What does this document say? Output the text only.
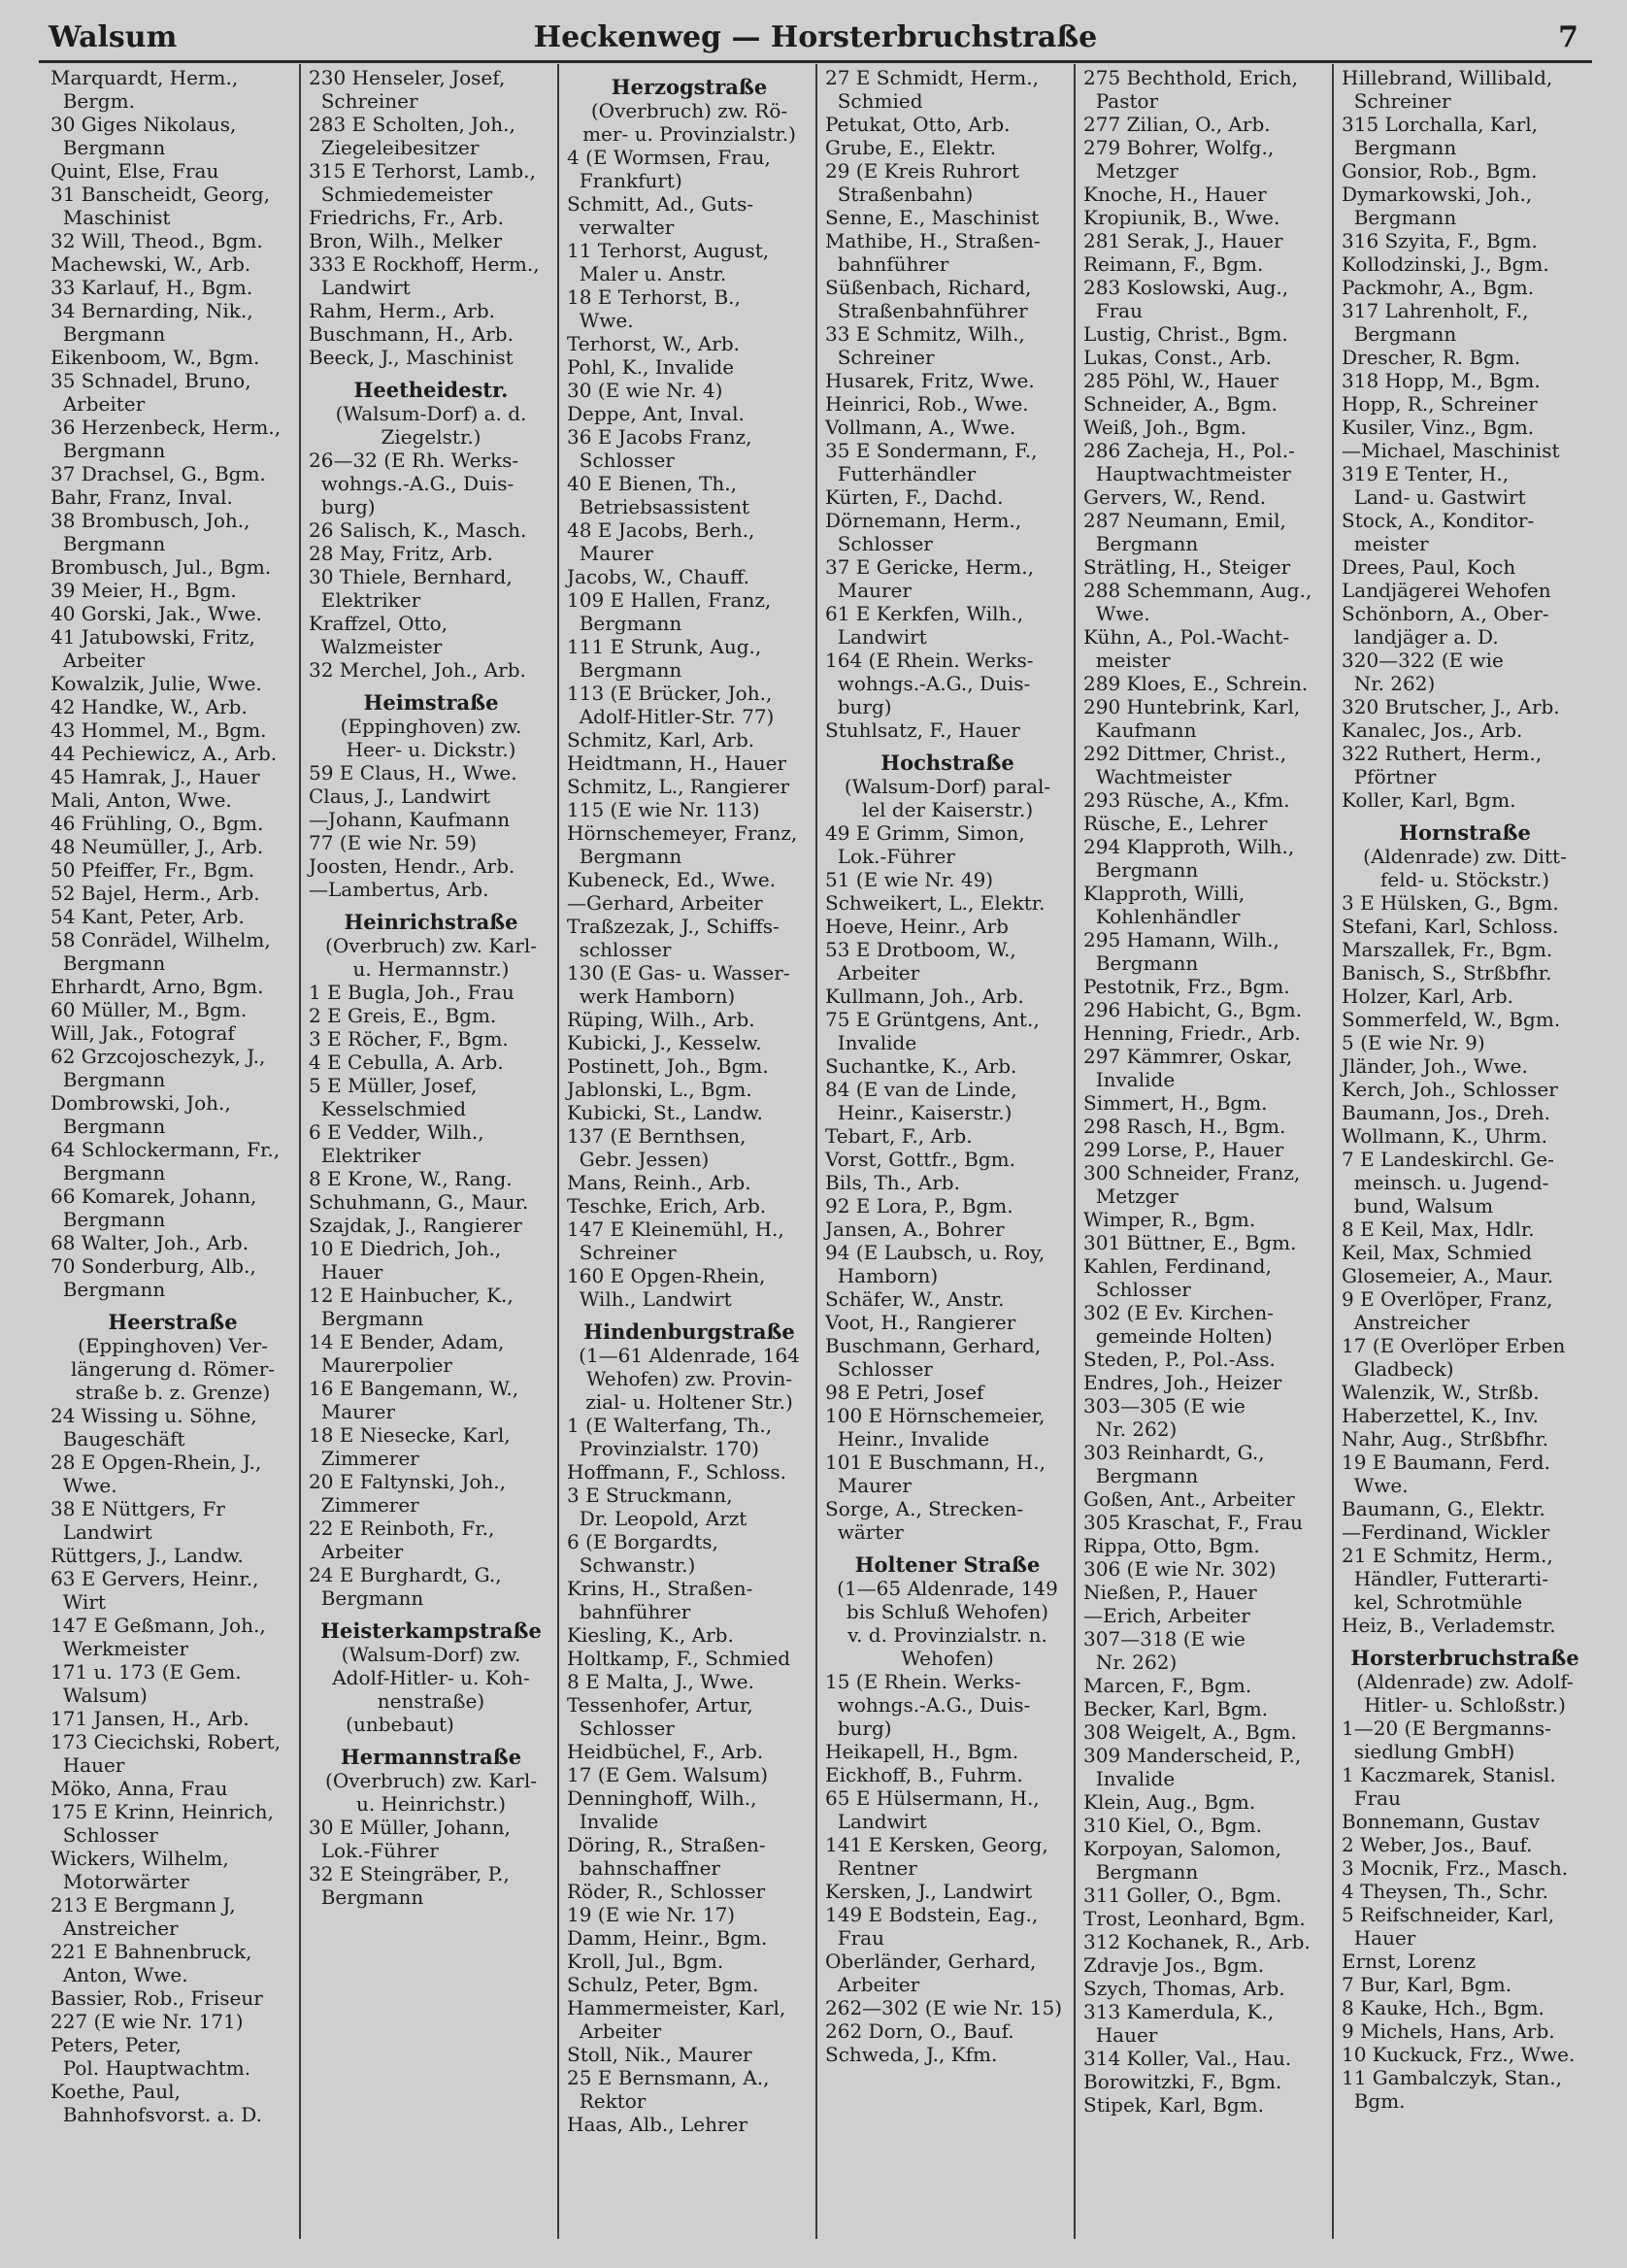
Walsum	Heckenweg — Horsterbruchstraße	7
Marquardt, Herm.,
Bergm.
30 Giges Nikolaus,
Bergmann
Quint, Else, Frau
31 Banscheidt, Georg,
Maschinist
32 Will, Theod., Bgm.
Machewski, W., Arb.
33 Karlauf, H., Bgm.
34 Bernarding, Nik.,
Bergmann
Eikenboom, W., Bgm.
35 Schnadel, Bruno,
Arbeiter
36 Herzenbeck, Herm.,
Bergmann
37 Drachsel, G., Bgm.
Bahr, Franz, Inval.
38 Brombusch, Joh.,
Bergmann
Brombusch, Jul., Bgm.
39 Meier, H., Bgm.
40 Gorski, Jak., Wwe.
41 Jatubowski, Fritz,
Arbeiter
Kowalzik, Julie, Wwe.
42 Handke, W., Arb.
43 Hommel, M., Bgm.
44 Pechiewicz, A., Arb.
45 Hamrak, J., Hauer
Mali, Anton, Wwe.
46 Frühling, O., Bgm.
48 Neumüller, J., Arb.
50 Pfeiffer, Fr., Bgm.
52 Bajel, Herm., Arb.
54 Kant, Peter, Arb.
58 Conrädel, Wilhelm,
Bergmann
Ehrhardt, Arno, Bgm.
60 Müller, M., Bgm.
Will, Jak., Fotograf
62 Grzcojoschezyk, J.,
Bergmann
Dombrowski, Joh.,
Bergmann
64 Schlockermann, Fr.,
Bergmann
66 Komarek, Johann,
Bergmann
68 Walter, Joh., Arb.
70 Sonderburg, Alb.,
Bergmann
Heerstraße
(Eppinghoven) Ver-
längerung d. Römer-
straße b. z. Grenze)
24 Wissing u. Söhne,
Baugeschäft
28 E Opgen-Rhein, J.,
Wwe.
38 E Nüttgers, Fr
Landwirt
Rüttgers, J., Landw.
63 E Gervers, Heinr.,
Wirt
147 E Geßmann, Joh.,
Werkmeister
171 u. 173 (E Gem.
Walsum)
171 Jansen, H., Arb.
173 Ciecichski, Robert,
Hauer
Möko, Anna, Frau
175 E Krinn, Heinrich,
Schlosser
Wickers, Wilhelm,
Motorwärter
213 E Bergmann J,
Anstreicher
221 E Bahnenbruck,
Anton, Wwe.
Bassier, Rob., Friseur
227 (E wie Nr. 171)
Peters, Peter,
Pol. Hauptwachtm.
Koethe, Paul,
Bahnhofsvorst. a. D.
230 Henseler, Josef,
Schreiner
283 E Scholten, Joh.,
Ziegeleibesitzer
315 E Terhorst, Lamb.,
Schmiedemeister
Friedrichs, Fr., Arb.
Bron, Wilh., Melker
333 E Rockhoff, Herm.,
Landwirt
Rahm, Herm., Arb.
Buschmann, H., Arb.
Beeck, J., Maschinist
Heetheidestr.
(Walsum-Dorf) a. d.
Ziegelstr.)
26—32 (E Rh. Werks-
wohngs.-A.G., Duis-
burg)
26 Salisch, K., Masch.
28 May, Fritz, Arb.
30 Thiele, Bernhard,
Elektriker
Kraffzel, Otto,
Walzmeister
32 Merchel, Joh., Arb.
Heimstraße
(Eppinghoven) zw.
Heer- u. Dickstr.)
59 E Claus, H., Wwe.
Claus, J., Landwirt
—Johann, Kaufmann
77 (E wie Nr. 59)
Joosten, Hendr., Arb.
—Lambertus, Arb.
Heinrichstraße
(Overbruch) zw. Karl-
u. Hermannstr.)
1 E Bugla, Joh., Frau
2 E Greis, E., Bgm.
3 E Röcher, F., Bgm.
4 E Cebulla, A. Arb.
5 E Müller, Josef,
Kesselschmied
6 E Vedder, Wilh.,
Elektriker
8 E Krone, W., Rang.
Schuhmann, G., Maur.
Szajdak, J., Rangierer
10 E Diedrich, Joh.,
Hauer
12 E Hainbucher, K.,
Bergmann
14 E Bender, Adam,
Maurerpolier
16 E Bangemann, W.,
Maurer
18 E Niesecke, Karl,
Zimmerer
20 E Faltynski, Joh.,
Zimmerer
22 E Reinboth, Fr.,
Arbeiter
24 E Burghardt, G.,
Bergmann
Heisterkampstraße
(Walsum-Dorf) zw.
Adolf-Hitler- u. Koh-
nenstraße)
(unbebaut)
Hermannstraße
(Overbruch) zw. Karl-
u. Heinrichstr.)
30 E Müller, Johann,
Lok.-Führer
32 E Steingräber, P.,
Bergmann
Herzogstraße
(Overbruch) zw. Rö-
mer- u. Provinzialstr.)
4 (E Wormsen, Frau,
Frankfurt)
Schmitt, Ad., Guts-
verwalter
11 Terhorst, August,
Maler u. Anstr.
18 E Terhorst, B.,
Wwe.
Terhorst, W., Arb.
Pohl, K., Invalide
30 (E wie Nr. 4)
Deppe, Ant, Inval.
36 E Jacobs Franz,
Schlosser
40 E Bienen, Th.,
Betriebsassistent
48 E Jacobs, Berh.,
Maurer
Jacobs, W., Chauff.
109 E Hallen, Franz,
Bergmann
111 E Strunk, Aug.,
Bergmann
113 (E Brücker, Joh.,
Adolf-Hitler-Str. 77)
Schmitz, Karl, Arb.
Heidtmann, H., Hauer
Schmitz, L., Rangierer
115 (E wie Nr. 113)
Hörnschemeyer, Franz,
Bergmann
Kubeneck, Ed., Wwe.
—Gerhard, Arbeiter
Traßzezak, J., Schiffs-
schlosser
130 (E Gas- u. Wasser-
werk Hamborn)
Rüping, Wilh., Arb.
Kubicki, J., Kesselw.
Postinett, Joh., Bgm.
Jablonski, L., Bgm.
Kubicki, St., Landw.
137 (E Bernthsen,
Gebr. Jessen)
Mans, Reinh., Arb.
Teschke, Erich, Arb.
147 E Kleinemühl, H.,
Schreiner
160 E Opgen-Rhein,
Wilh., Landwirt
Hindenburgstraße
(1—61 Aldenrade, 164
Wehofen) zw. Provin-
zial- u. Holtener Str.)
1 (E Walterfang, Th.,
Provinzialstr. 170)
Hoffmann, F., Schloss.
3 E Struckmann,
Dr. Leopold, Arzt
6 (E Borgardts,
Schwanstr.)
Krins, H., Straßen-
bahnführer
Kiesling, K., Arb.
Holtkamp, F., Schmied
8 E Malta, J., Wwe.
Tessenhofer, Artur,
Schlosser
Heidbüchel, F., Arb.
17 (E Gem. Walsum)
Denninghoff, Wilh.,
Invalide
Döring, R., Straßen-
bahnschaffner
Röder, R., Schlosser
19 (E wie Nr. 17)
Damm, Heinr., Bgm.
Kroll, Jul., Bgm.
Schulz, Peter, Bgm.
Hammermeister, Karl,
Arbeiter
Stoll, Nik., Maurer
25 E Bernsmann, A.,
Rektor
Haas, Alb., Lehrer
27 E Schmidt, Herm.,
Schmied
Petukat, Otto, Arb.
Grube, E., Elektr.
29 (E Kreis Ruhrort
Straßenbahn)
Senne, E., Maschinist
Mathibe, H., Straßen-
bahnführer
Süßenbach, Richard,
Straßenbahnführer
33 E Schmitz, Wilh.,
Schreiner
Husarek, Fritz, Wwe.
Heinrici, Rob., Wwe.
Vollmann, A., Wwe.
35 E Sondermann, F.,
Futterhändler
Kürten, F., Dachd.
Dörnemann, Herm.,
Schlosser
37 E Gericke, Herm.,
Maurer
61 E Kerkfen, Wilh.,
Landwirt
164 (E Rhein. Werks-
wohngs.-A.G., Duis-
burg)
Stuhlsatz, F., Hauer
Hochstraße
(Walsum-Dorf) paral-
lel der Kaiserstr.)
49 E Grimm, Simon,
Lok.-Führer
51 (E wie Nr. 49)
Schweikert, L., Elektr.
Hoeve, Heinr., Arb
53 E Drotboom, W.,
Arbeiter
Kullmann, Joh., Arb.
75 E Grüntgens, Ant.,
Invalide
Suchantke, K., Arb.
84 (E van de Linde,
Heinr., Kaiserstr.)
Tebart, F., Arb.
Vorst, Gottfr., Bgm.
Bils, Th., Arb.
92 E Lora, P., Bgm.
Jansen, A., Bohrer
94 (E Laubsch, u. Roy,
Hamborn)
Schäfer, W., Anstr.
Voot, H., Rangierer
Buschmann, Gerhard,
Schlosser
98 E Petri, Josef
100 E Hörnschemeier,
Heinr., Invalide
101 E Buschmann, H.,
Maurer
Sorge, A., Strecken-
wärter
Holtener Straße
(1—65 Aldenrade, 149
bis Schluß Wehofen)
v. d. Provinzialstr. n.
Wehofen)
15 (E Rhein. Werks-
wohngs.-A.G., Duis-
burg)
Heikapell, H., Bgm.
Eickhoff, B., Fuhrm.
65 E Hülsermann, H.,
Landwirt
141 E Kersken, Georg,
Rentner
Kersken, J., Landwirt
149 E Bodstein, Eag.,
Frau
Oberländer, Gerhard,
Arbeiter
262—302 (E wie Nr. 15)
262 Dorn, O., Bauf.
Schweda, J., Kfm.
275 Bechthold, Erich,
Pastor
277 Zilian, O., Arb.
279 Bohrer, Wolfg.,
Metzger
Knoche, H., Hauer
Kropiunik, B., Wwe.
281 Serak, J., Hauer
Reimann, F., Bgm.
283 Koslowski, Aug.,
Frau
Lustig, Christ., Bgm.
Lukas, Const., Arb.
285 Pöhl, W., Hauer
Schneider, A., Bgm.
Weiß, Joh., Bgm.
286 Zacheja, H., Pol.-
Hauptwachtmeister
Gervers, W., Rend.
287 Neumann, Emil,
Bergmann
Strätling, H., Steiger
288 Schemmann, Aug.,
Wwe.
Kühn, A., Pol.-Wacht-
meister
289 Kloes, E., Schrein.
290 Huntebrink, Karl,
Kaufmann
292 Dittmer, Christ.,
Wachtmeister
293 Rüsche, A., Kfm.
Rüsche, E., Lehrer
294 Klapproth, Wilh.,
Bergmann
Klapproth, Willi,
Kohlenhändler
295 Hamann, Wilh.,
Bergmann
Pestotnik, Frz., Bgm.
296 Habicht, G., Bgm.
Henning, Friedr., Arb.
297 Kämmrer, Oskar,
Invalide
Simmert, H., Bgm.
298 Rasch, H., Bgm.
299 Lorse, P., Hauer
300 Schneider, Franz,
Metzger
Wimper, R., Bgm.
301 Büttner, E., Bgm.
Kahlen, Ferdinand,
Schlosser
302 (E Ev. Kirchen-
gemeinde Holten)
Steden, P., Pol.-Ass.
Endres, Joh., Heizer
303—305 (E wie
Nr. 262)
303 Reinhardt, G.,
Bergmann
Goßen, Ant., Arbeiter
305 Kraschat, F., Frau
Rippa, Otto, Bgm.
306 (E wie Nr. 302)
Nießen, P., Hauer
—Erich, Arbeiter
307—318 (E wie
Nr. 262)
Marcen, F., Bgm.
Becker, Karl, Bgm.
308 Weigelt, A., Bgm.
309 Manderscheid, P.,
Invalide
Klein, Aug., Bgm.
310 Kiel, O., Bgm.
Korpoyan, Salomon,
Bergmann
311 Goller, O., Bgm.
Trost, Leonhard, Bgm.
312 Kochanek, R., Arb.
Zdravje Jos., Bgm.
Szych, Thomas, Arb.
313 Kamerdula, K.,
Hauer
314 Koller, Val., Hau.
Borowitzki, F., Bgm.
Stipek, Karl, Bgm.
Hillebrand, Willibald,
Schreiner
315 Lorchalla, Karl,
Bergmann
Gonsior, Rob., Bgm.
Dymarkowski, Joh.,
Bergmann
316 Szyita, F., Bgm.
Kollodzinski, J., Bgm.
Packmohr, A., Bgm.
317 Lahrenholt, F.,
Bergmann
Drescher, R. Bgm.
318 Hopp, M., Bgm.
Hopp, R., Schreiner
Kusiler, Vinz., Bgm.
—Michael, Maschinist
319 E Tenter, H.,
Land- u. Gastwirt
Stock, A., Konditor-
meister
Drees, Paul, Koch
Landjägerei Wehofen
Schönborn, A., Ober-
landjäger a. D.
320—322 (E wie
Nr. 262)
320 Brutscher, J., Arb.
Kanalec, Jos., Arb.
322 Ruthert, Herm.,
Pförtner
Koller, Karl, Bgm.
Hornstraße
(Aldenrade) zw. Ditt-
feld- u. Stöckstr.)
3 E Hülsken, G., Bgm.
Stefani, Karl, Schloss.
Marszallek, Fr., Bgm.
Banisch, S., Strßbfhr.
Holzer, Karl, Arb.
Sommerfeld, W., Bgm.
5 (E wie Nr. 9)
Jländer, Joh., Wwe.
Kerch, Joh., Schlosser
Baumann, Jos., Dreh.
Wollmann, K., Uhrm.
7 E Landeskirchl. Ge-
meinsch. u. Jugend-
bund, Walsum
8 E Keil, Max, Hdlr.
Keil, Max, Schmied
Glosemeier, A., Maur.
9 E Overlöper, Franz,
Anstreicher
17 (E Overlöper Erben
Gladbeck)
Walenzik, W., Strßb.
Haberzettel, K., Inv.
Nahr, Aug., Strßbfhr.
19 E Baumann, Ferd.
Wwe.
Baumann, G., Elektr.
—Ferdinand, Wickler
21 E Schmitz, Herm.,
Händler, Futterarti-
kel, Schrotmühle
Heiz, B., Verlademstr.
Horsterbruchstraße
(Aldenrade) zw. Adolf-
Hitler- u. Schloßstr.)
1—20 (E Bergmanns-
siedlung GmbH)
1 Kaczmarek, Stanisl.
Frau
Bonnemann, Gustav
2 Weber, Jos., Bauf.
3 Mocnik, Frz., Masch.
4 Theysen, Th., Schr.
5 Reifschneider, Karl,
Hauer
Ernst, Lorenz
7 Bur, Karl, Bgm.
8 Kauke, Hch., Bgm.
9 Michels, Hans, Arb.
10 Kuckuck, Frz., Wwe.
11 Gambalczyk, Stan.,
Bgm.
